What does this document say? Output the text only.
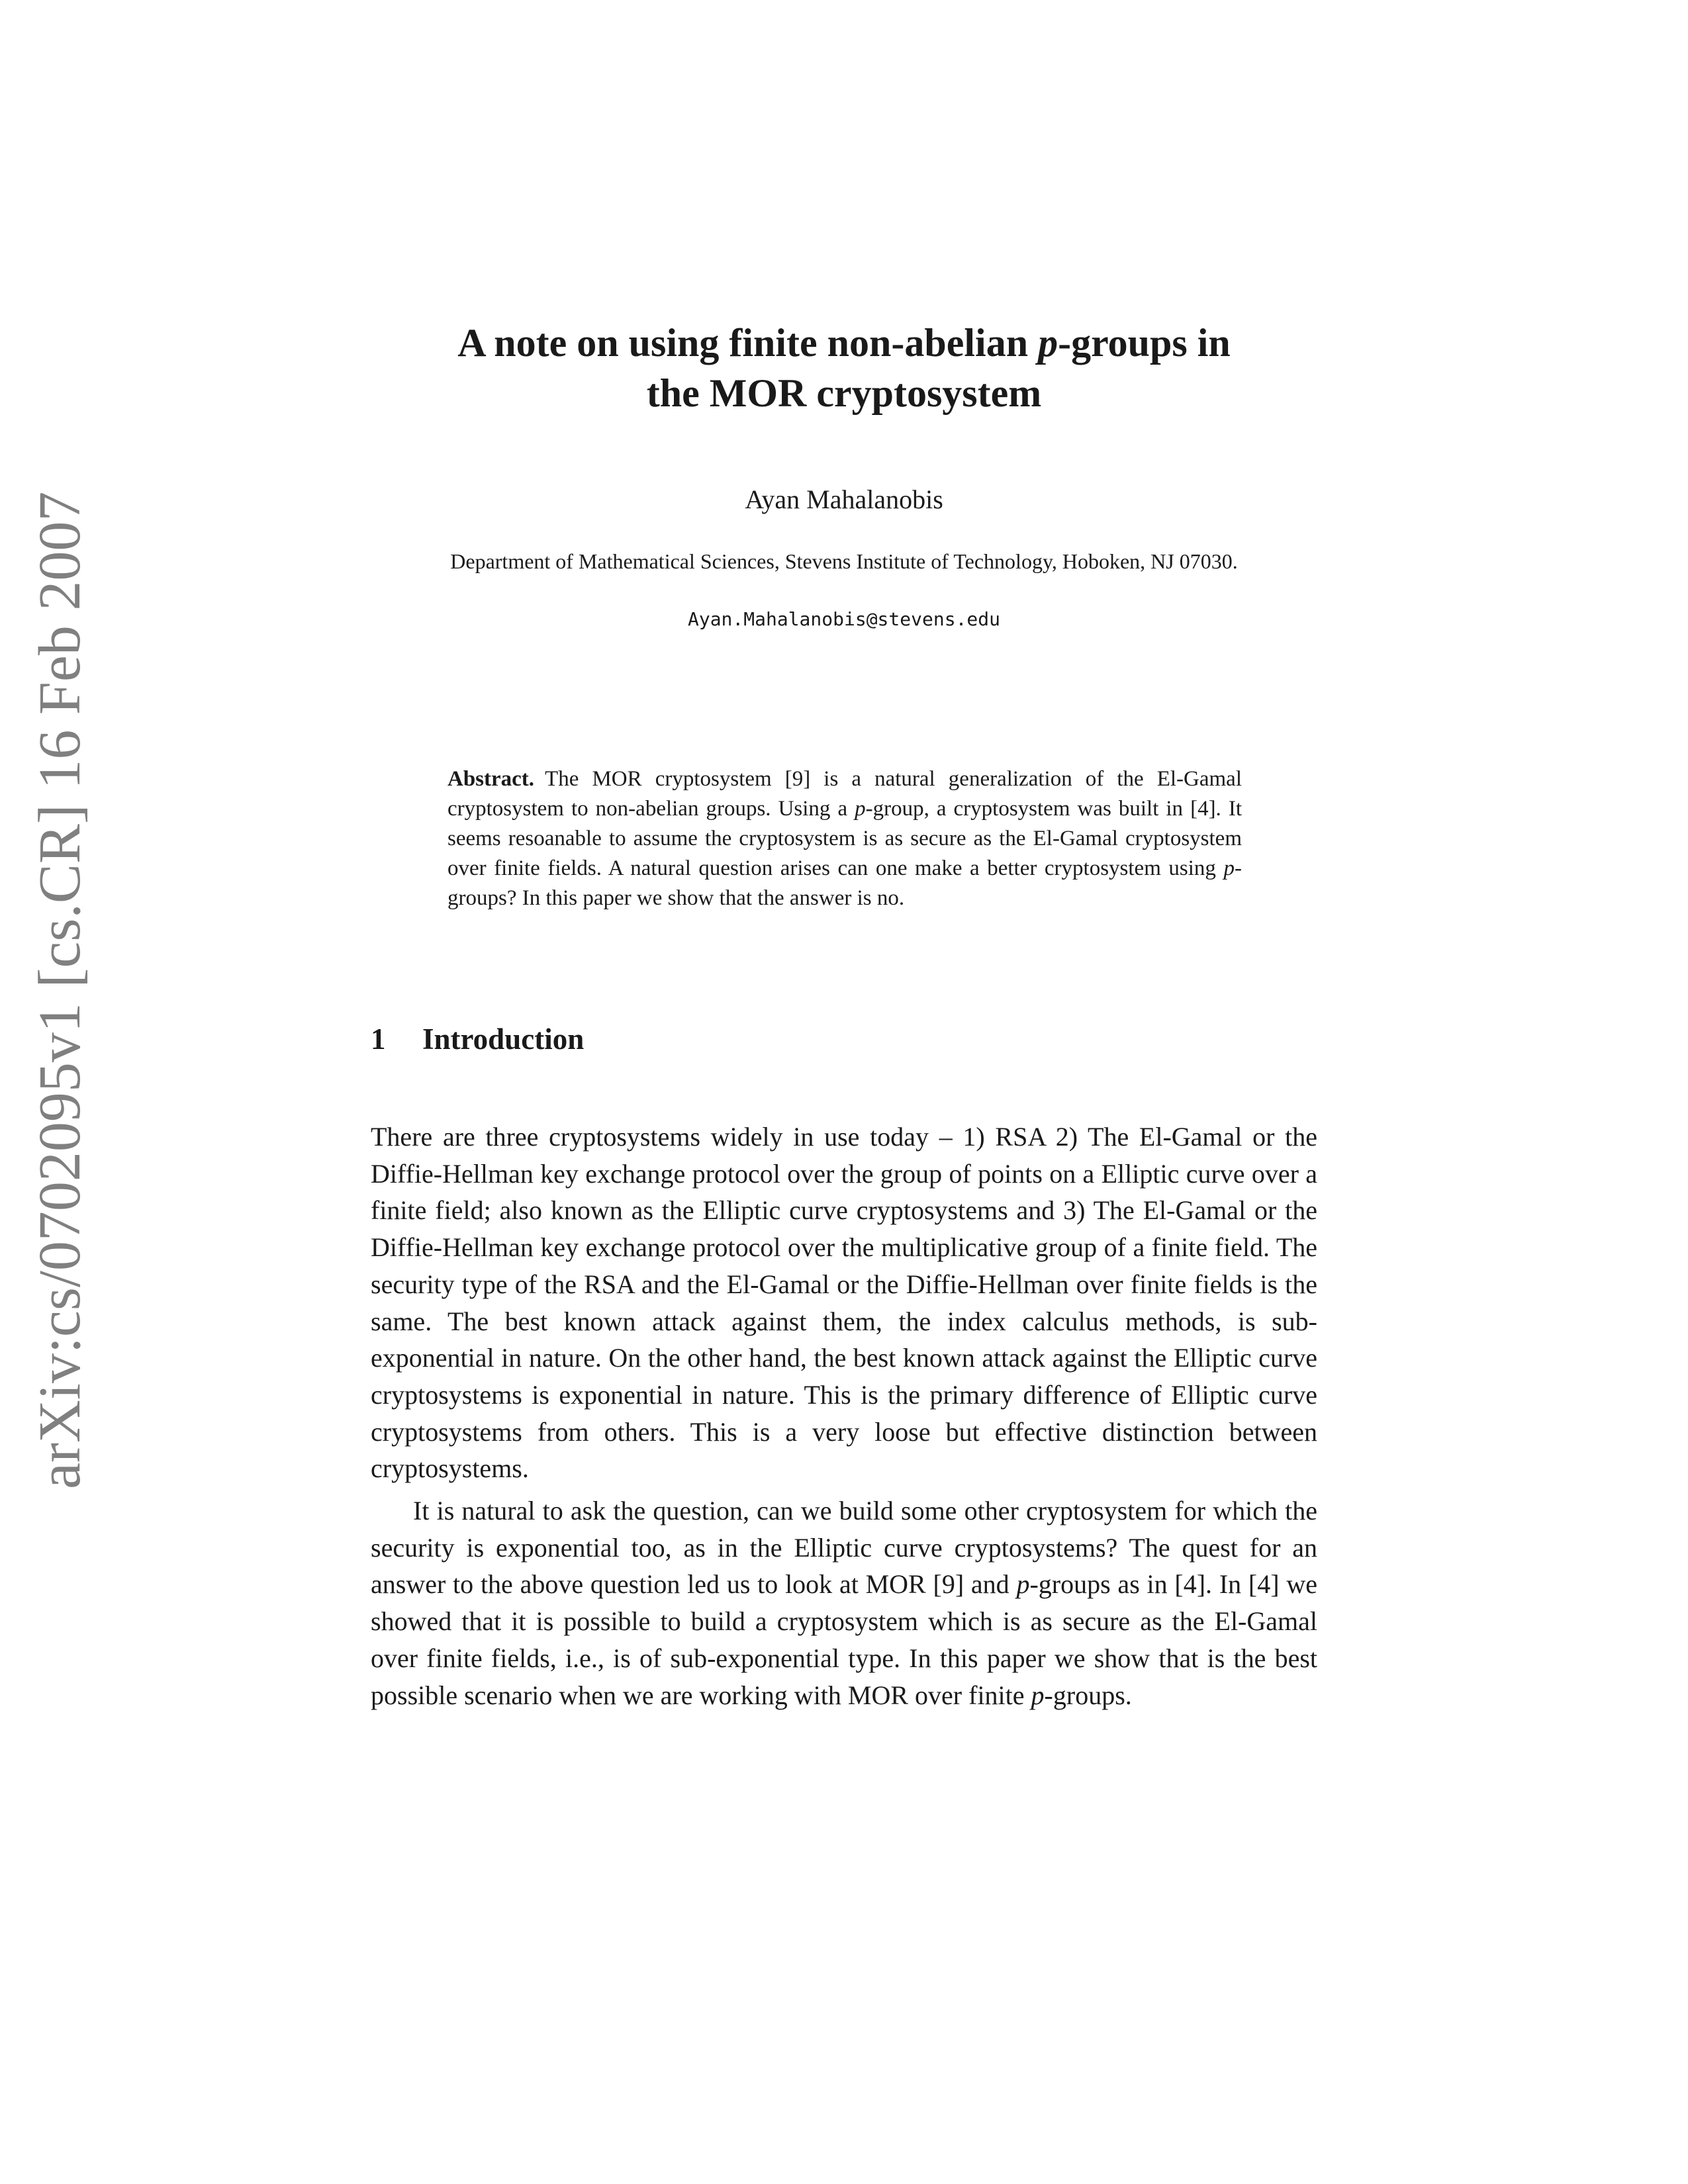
arXiv:cs/0702095v1 [cs.CR] 16 Feb 2007
A note on using finite non-abelian p-groups in
the MOR cryptosystem
Ayan Mahalanobis
Department of Mathematical Sciences, Stevens Institute of Technology, Hoboken, NJ 07030.
Ayan.Mahalanobis@stevens.edu
Abstract. The MOR cryptosystem [9] is a natural generalization of the El-Gamal cryptosystem to non-abelian groups. Using a p-group, a cryptosystem was built in [4]. It seems resoanable to assume the cryptosystem is as secure as the El-Gamal cryptosystem over finite fields. A natural question arises can one make a better cryptosystem using p-groups? In this paper we show that the answer is no.
1 Introduction

There are three cryptosystems widely in use today – 1) RSA 2) The El-Gamal or the Diffie-Hellman key exchange protocol over the group of points on a Elliptic curve over a finite field; also known as the Elliptic curve cryptosystems and 3) The El-Gamal or the Diffie-Hellman key exchange protocol over the multiplicative group of a finite field. The security type of the RSA and the El-Gamal or the Diffie-Hellman over finite fields is the same. The best known attack against them, the index calculus methods, is sub-exponential in nature. On the other hand, the best known attack against the Elliptic curve cryptosystems is exponential in nature. This is the primary difference of Elliptic curve cryptosystems from others. This is a very loose but effective distinction between cryptosystems.

It is natural to ask the question, can we build some other cryptosystem for which the security is exponential too, as in the Elliptic curve cryptosystems? The quest for an answer to the above question led us to look at MOR [9] and p-groups as in [4]. In [4] we showed that it is possible to build a cryptosystem which is as secure as the El-Gamal over finite fields, i.e., is of sub-exponential type. In this paper we show that is the best possible scenario when we are working with MOR over finite p-groups.
